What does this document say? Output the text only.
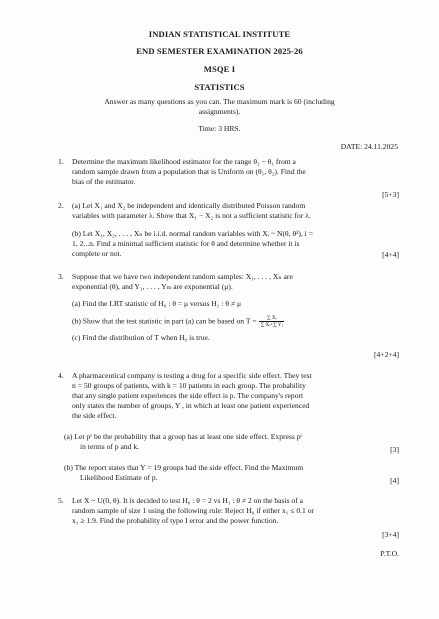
INDIAN STATISTICAL INSTITUTE
END SEMESTER EXAMINATION 2025-26
MSQE I
STATISTICS
Answer as many questions as you can. The maximum mark is 60 (including
assignments).
Time: 3 HRS.
DATE: 24.11.2025
1. Determine the maximum likelihood estimator for the range θ₂ − θ₁ from a
random sample drawn from a population that is Uniform on (θ₁, θ₂). Find the
bias of the estimator.
[5+3]
2. (a) Let X₁ and X₂ be independent and identically distributed Poisson random
variables with parameter λ. Show that X₁ − X₂ is not a sufficient statistic for λ.
(b) Let X₁, X₂, . . . , Xₙ be i.i.d. normal random variables with Xᵢ ~ N(θ, θ²), i =
1, 2...n. Find a minimal sufficient statistic for θ and determine whether it is
complete or not.	[4+4]
3. Suppose that we have two independent random samples: X₁, . . . , Xₙ are
exponential (θ), and Y₁, . . . , Yₘ are exponential (μ).
(a) Find the LRT statistic of H₀ : θ = μ versus H₁ : θ ≠ μ
(b) Show that the test statistic in part (a) can be based on $T = \frac{\text{∑ Xᵢ}}{\text{∑ Xᵢ+∑ Yⱼ}}$
(c) Find the distribution of T when H₀ is true.
[4+2+4]
4. A pharmaceutical company is testing a drug for a specific side effect. They test
n = 50 groups of patients, with k = 10 patients in each group. The probability
that any single patient experiences the side effect is p. The company's report
only states the number of groups, Y , in which at least one patient experienced
the side effect.
(a) Let pᶜ be the probability that a group has at least one side effect. Express pᶜ
in terms of p and k.	[3]
(b) The report states that Y = 19 groups had the side effect. Find the Maximum
Likelihood Estimate of p.	[4]
5. Let X ~ U(0, θ). It is decided to test H₀ : θ = 2 vs H₁ : θ ≠ 2 on the basis of a
random sample of size 1 using the following rule: Reject H₀ if either x₁ ≤ 0.1 or
x₁ ≥ 1.9. Find the probability of type I error and the power function.
[3+4]
P.T.O.
